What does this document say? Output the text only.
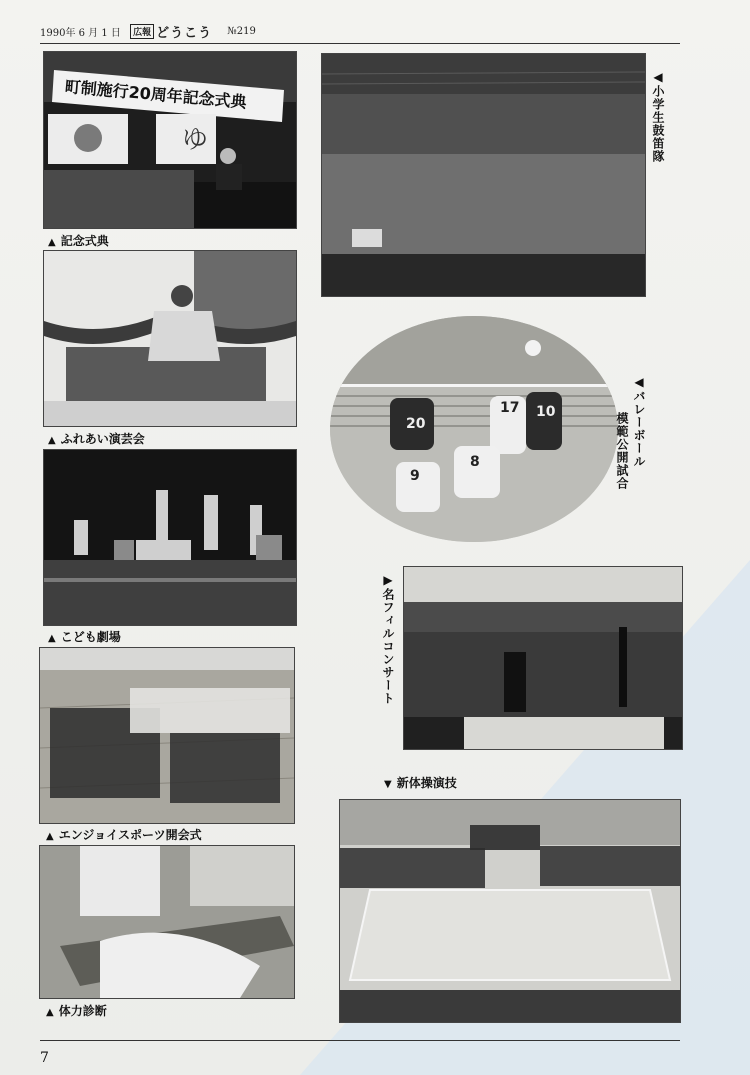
1990年 6 月 1 日 広報 どうこう №219
ゆ
町制施行20周年記念式典
▲ 記念式典
▲ ふれあい演芸会
▲ こども劇場
▲ エンジョイスポーツ開会式
▲ 体力診断
◀小学生鼓笛隊
20
17 10
9
8
◀バレーボール
模範公開試合
▶名フィルコンサート
▼ 新体操演技
7
